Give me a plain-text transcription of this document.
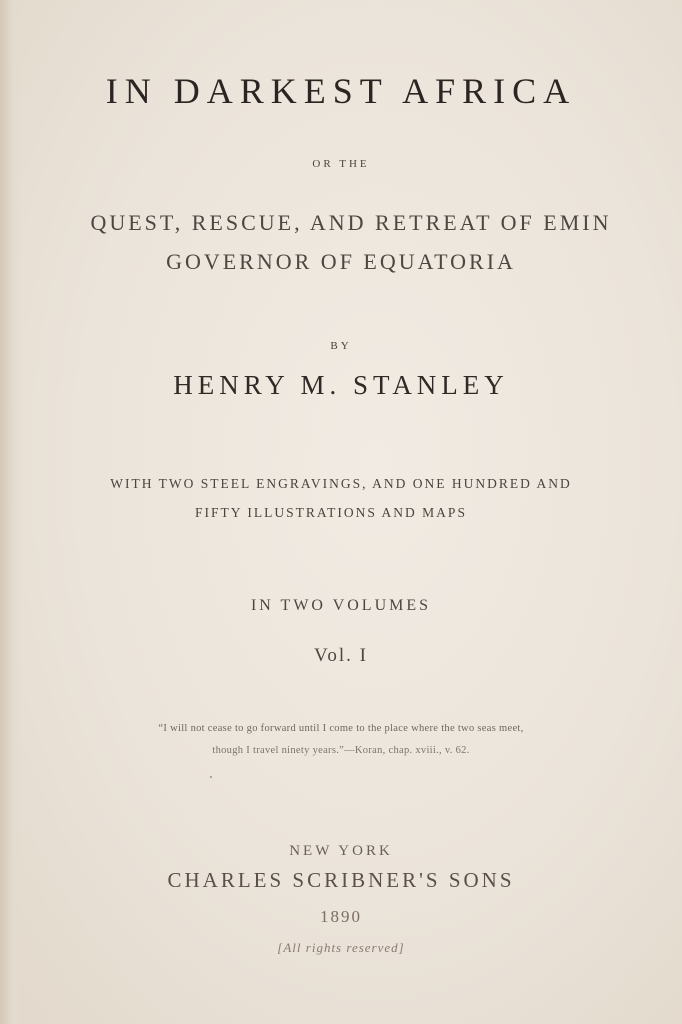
IN DARKEST AFRICA
OR THE
QUEST, RESCUE, AND RETREAT OF EMIN
GOVERNOR OF EQUATORIA
BY
HENRY M. STANLEY
WITH TWO STEEL ENGRAVINGS, AND ONE HUNDRED AND
FIFTY ILLUSTRATIONS AND MAPS
IN TWO VOLUMES
Vol. I
“I will not cease to go forward until I come to the place where the two seas meet,
though I travel ninety years.”—Koran, chap. xviii., v. 62.
NEW YORK
CHARLES SCRIBNER'S SONS
1890
[All rights reserved]
